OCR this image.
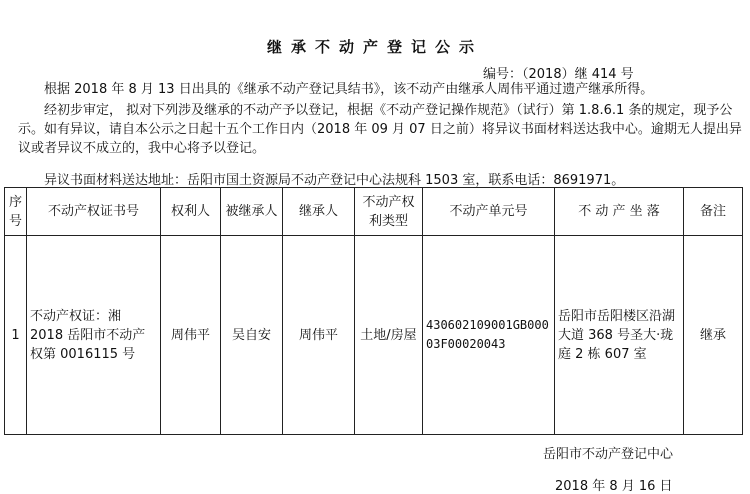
继承不动产登记公示
编号：（2018）继 414 号
根据 2018 年 8 月 13 日出具的《继承不动产登记具结书》，该不动产由继承人周伟平通过遗产继承所得。
经初步审定， 拟对下列涉及继承的不动产予以登记，根据《不动产登记操作规范》（试行）第 1.8.6.1 条的规定，现予公示。如有异议，请自本公示之日起十五个工作日内（2018 年 09 月 07 日之前）将异议书面材料送达我中心。逾期无人提出异议或者异议不成立的，我中心将予以登记。
异议书面材料送达地址：岳阳市国土资源局不动产登记中心法规科 1503 室，联系电话：8691971。
序号	不动产权证书号	权利人	被继承人	继承人	不动产权利类型	不动产单元号	不 动 产 坐 落	备注
1	不动产权证：湘 2018 岳阳市不动产权第 0016115 号	周伟平	吴自安	周伟平	土地/房屋	430602109001GB00003F00020043	岳阳市岳阳楼区沿湖大道 368 号圣大·珑庭 2 栋 607 室	继承
岳阳市不动产登记中心
2018 年 8 月 16 日
